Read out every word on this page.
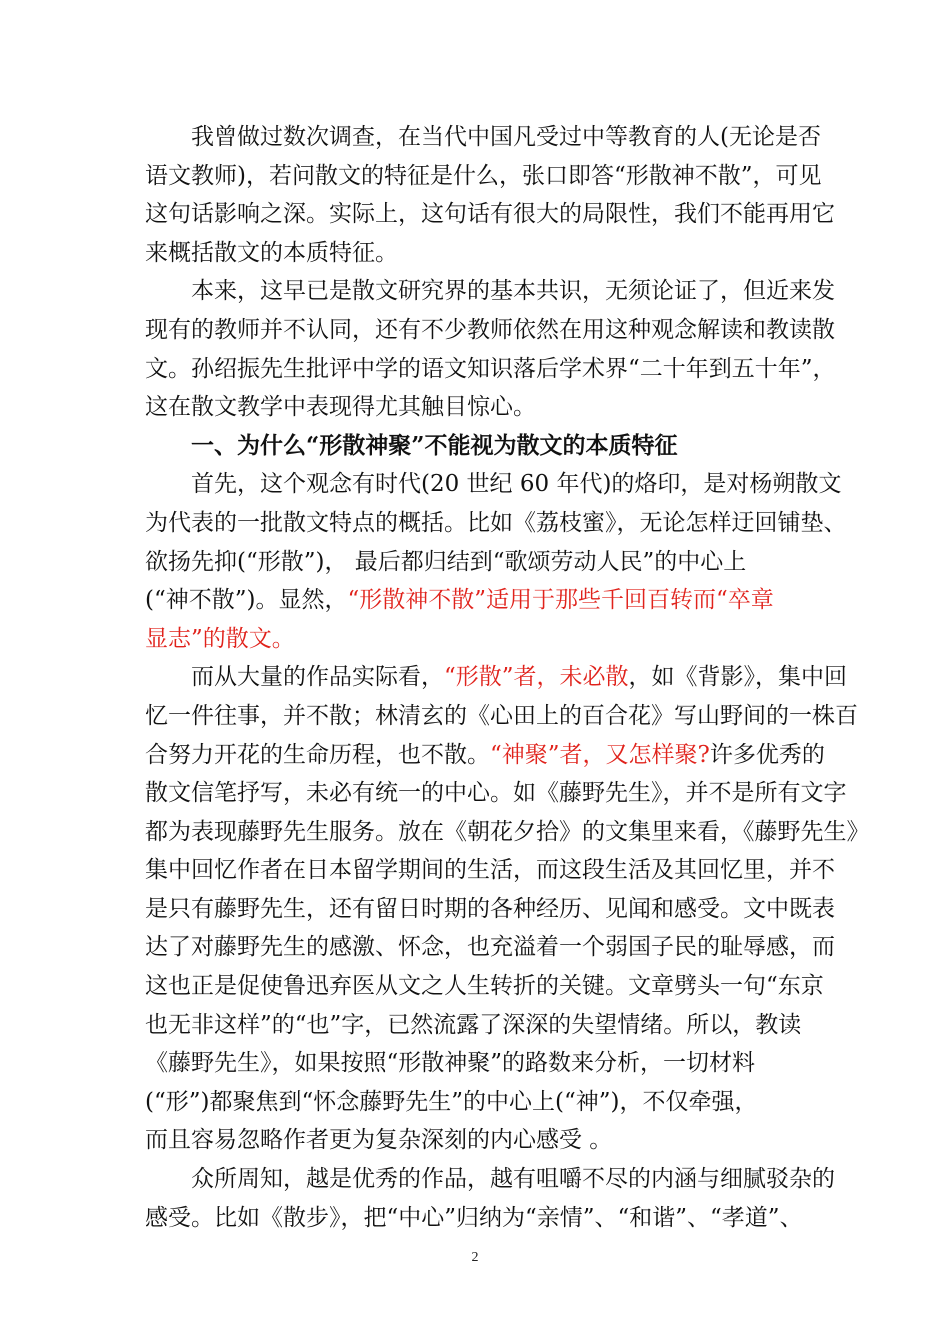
我曾做过数次调查，在当代中国凡受过中等教育的人(无论是否
语文教师)，若问散文的特征是什么，张口即答“形散神不散”，可见
这句话影响之深。实际上，这句话有很大的局限性，我们不能再用它
来概括散文的本质特征。
本来，这早已是散文研究界的基本共识，无须论证了，但近来发
现有的教师并不认同，还有不少教师依然在用这种观念解读和教读散
文。孙绍振先生批评中学的语文知识落后学术界“二十年到五十年”，
这在散文教学中表现得尤其触目惊心。
一、为什么“形散神聚”不能视为散文的本质特征
首先，这个观念有时代(20 世纪 60 年代)的烙印，是对杨朔散文
为代表的一批散文特点的概括。比如《荔枝蜜》，无论怎样迂回铺垫、
欲扬先抑(“形散”)， 最后都归结到“歌颂劳动人民”的中心上
(“神不散”)。显然，“形散神不散”适用于那些千回百转而“卒章
显志”的散文。
而从大量的作品实际看，“形散”者，未必散，如《背影》，集中回
忆一件往事，并不散；林清玄的《心田上的百合花》写山野间的一株百
合努力开花的生命历程，也不散。“神聚”者，又怎样聚?许多优秀的
散文信笔抒写，未必有统一的中心。如《藤野先生》，并不是所有文字
都为表现藤野先生服务。放在《朝花夕拾》的文集里来看，《藤野先生》
集中回忆作者在日本留学期间的生活，而这段生活及其回忆里，并不
是只有藤野先生，还有留日时期的各种经历、见闻和感受。文中既表
达了对藤野先生的感激、怀念，也充溢着一个弱国子民的耻辱感，而
这也正是促使鲁迅弃医从文之人生转折的关键。文章劈头一句“东京
也无非这样”的“也”字，已然流露了深深的失望情绪。所以，教读
《藤野先生》，如果按照“形散神聚”的路数来分析，一切材料
(“形”)都聚焦到“怀念藤野先生”的中心上(“神”)，不仅牵强，
而且容易忽略作者更为复杂深刻的内心感受 。
众所周知，越是优秀的作品，越有咀嚼不尽的内涵与细腻驳杂的
感受。比如《散步》，把“中心”归纳为“亲情”、“和谐”、“孝道”、
2
